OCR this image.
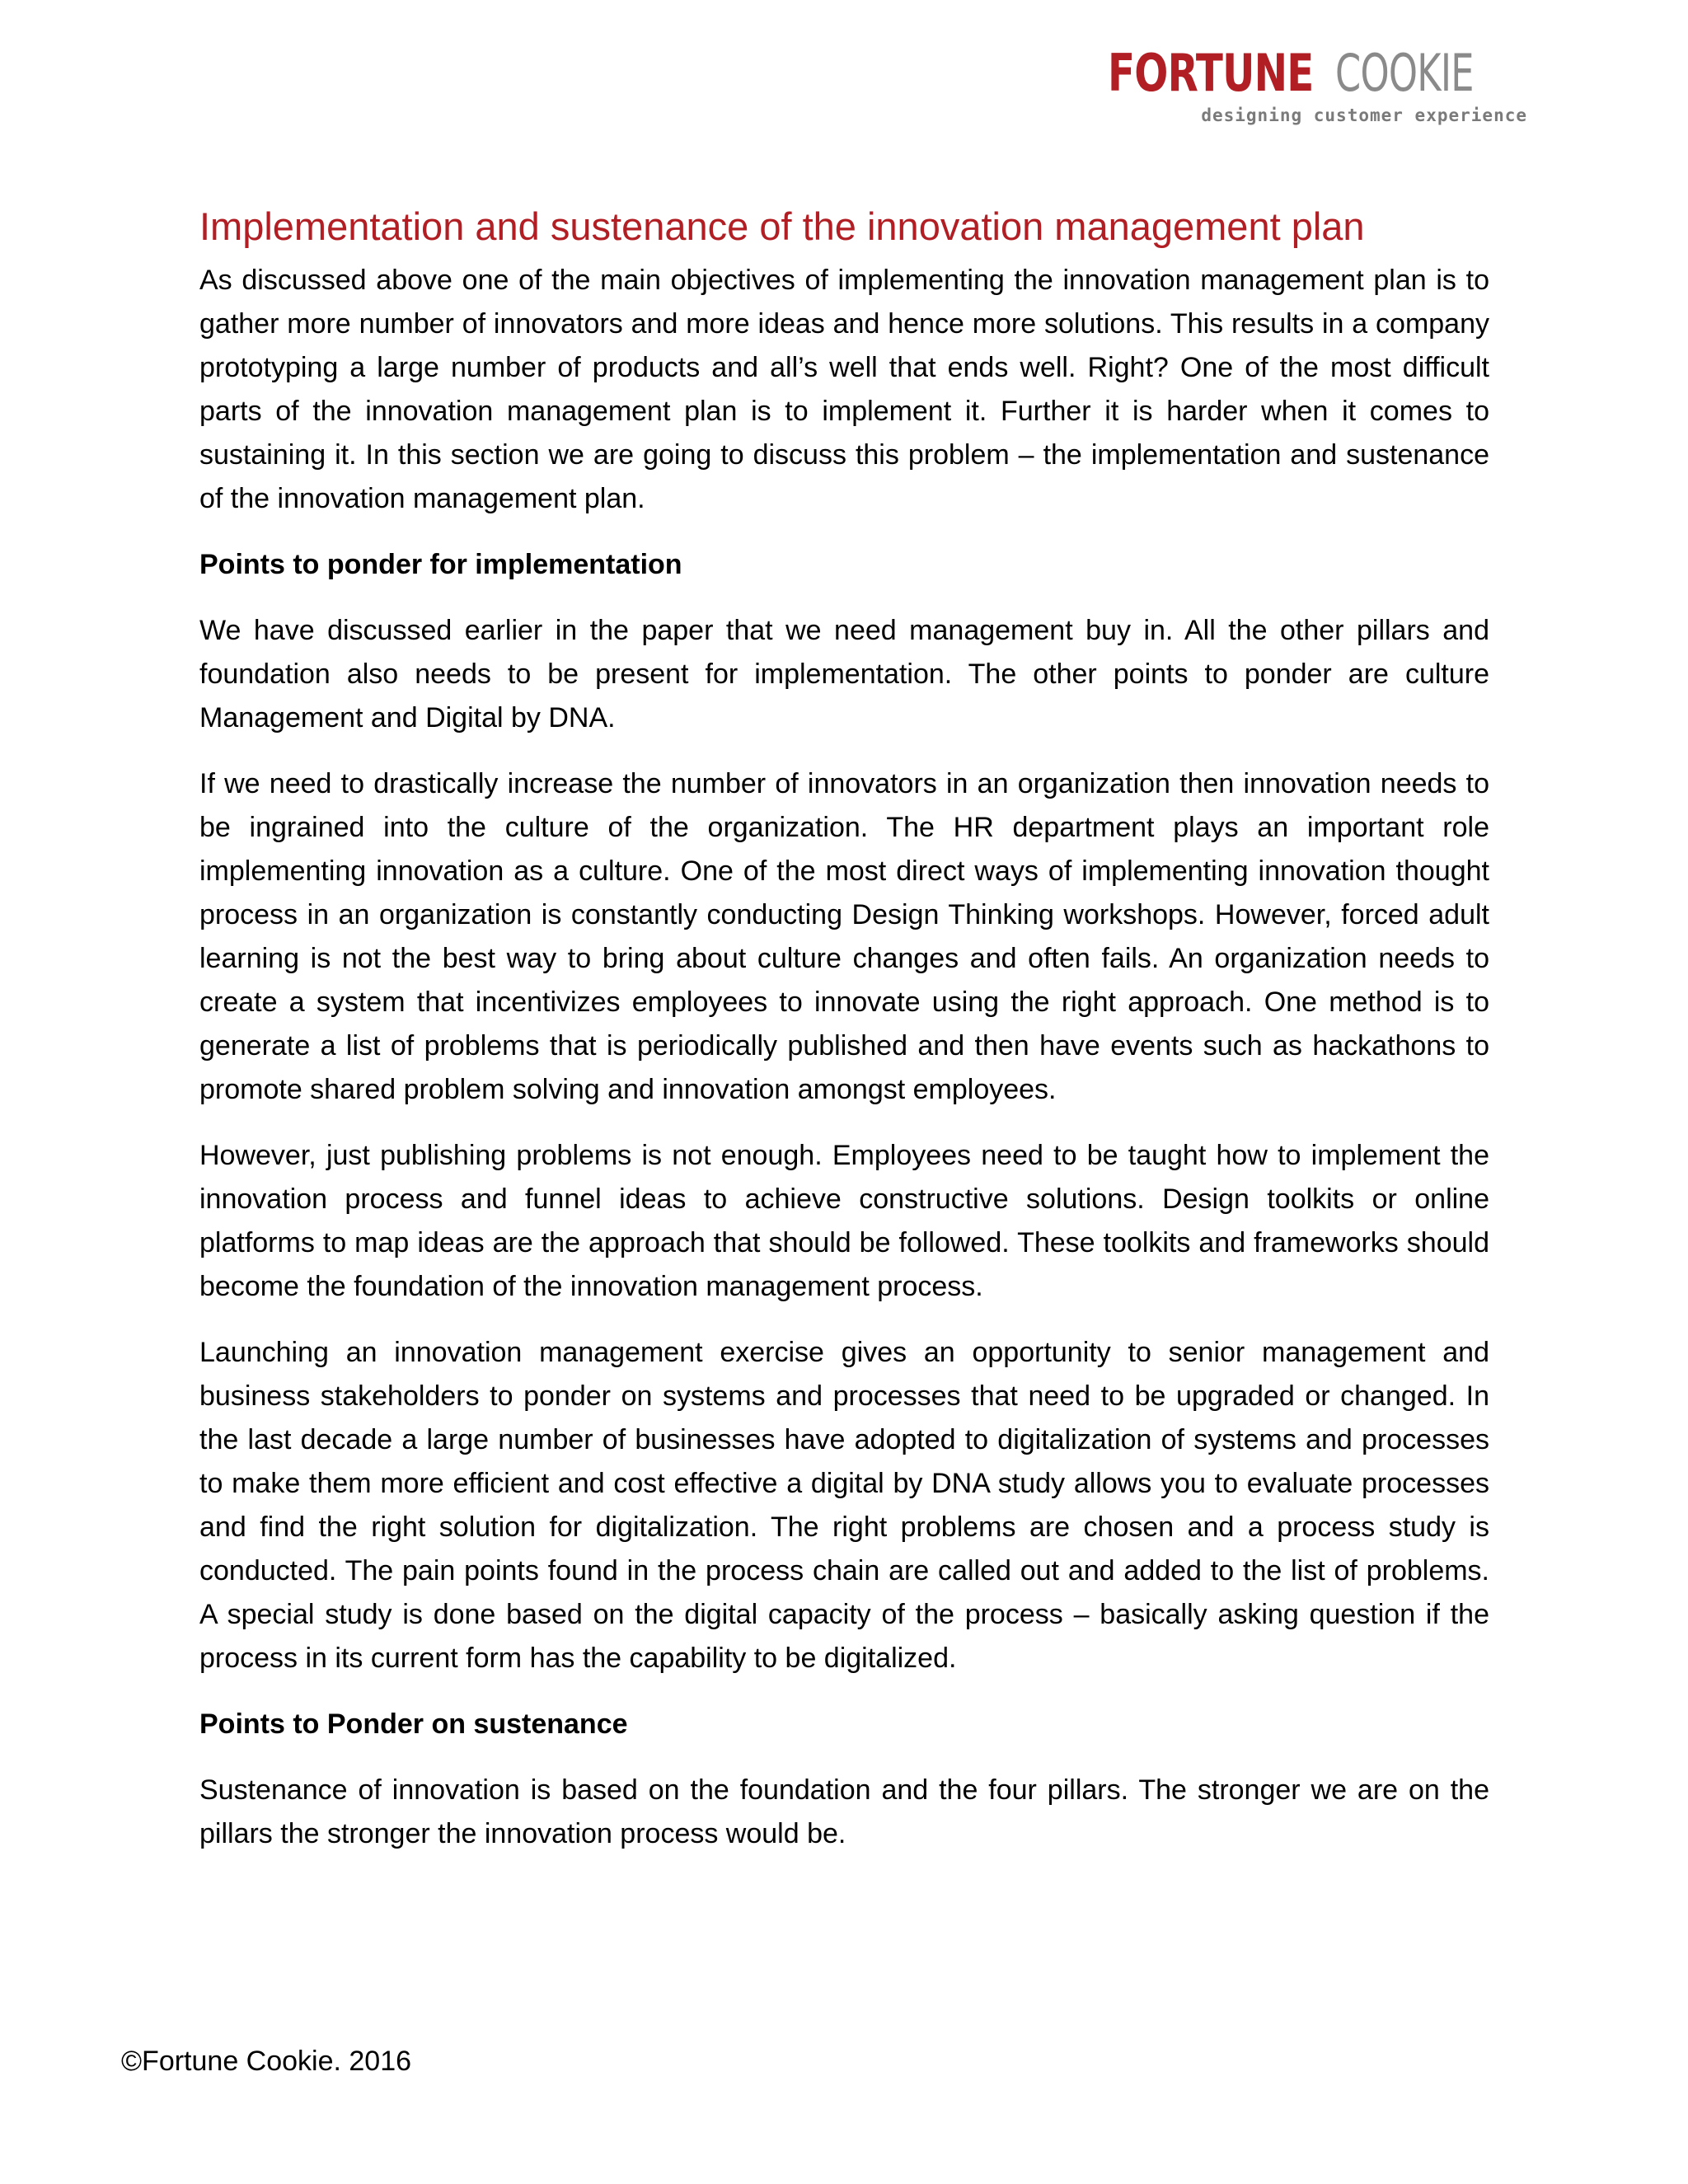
FORTUNE COOKIE
designing customer experience
Implementation and sustenance of the innovation management plan

As discussed above one of the main objectives of implementing the innovation management plan is to gather more number of innovators and more ideas and hence more solutions. This results in a company prototyping a large number of products and all’s well that ends well. Right? One of the most difficult parts of the innovation management plan is to implement it. Further it is harder when it comes to sustaining it. In this section we are going to discuss this problem – the implementation and sustenance of the innovation management plan.

Points to ponder for implementation

We have discussed earlier in the paper that we need management buy in. All the other pillars and foundation also needs to be present for implementation. The other points to ponder are culture Management and Digital by DNA.

If we need to drastically increase the number of innovators in an organization then innovation needs to be ingrained into the culture of the organization. The HR department plays an important role implementing innovation as a culture. One of the most direct ways of implementing innovation thought process in an organization is constantly conducting Design Thinking workshops. However, forced adult learning is not the best way to bring about culture changes and often fails. An organization needs to create a system that incentivizes employees to innovate using the right approach. One method is to generate a list of problems that is periodically published and then have events such as hackathons to promote shared problem solving and innovation amongst employees.

However, just publishing problems is not enough. Employees need to be taught how to implement the innovation process and funnel ideas to achieve constructive solutions. Design toolkits or online platforms to map ideas are the approach that should be followed. These toolkits and frameworks should become the foundation of the innovation management process.

Launching an innovation management exercise gives an opportunity to senior management and business stakeholders to ponder on systems and processes that need to be upgraded or changed. In the last decade a large number of businesses have adopted to digitalization of systems and processes to make them more efficient and cost effective a digital by DNA study allows you to evaluate processes and find the right solution for digitalization. The right problems are chosen and a process study is conducted. The pain points found in the process chain are called out and added to the list of problems. A special study is done based on the digital capacity of the process – basically asking question if the process in its current form has the capability to be digitalized.

Points to Ponder on sustenance

Sustenance of innovation is based on the foundation and the four pillars. The stronger we are on the pillars the stronger the innovation process would be.

©Fortune Cookie. 2016
